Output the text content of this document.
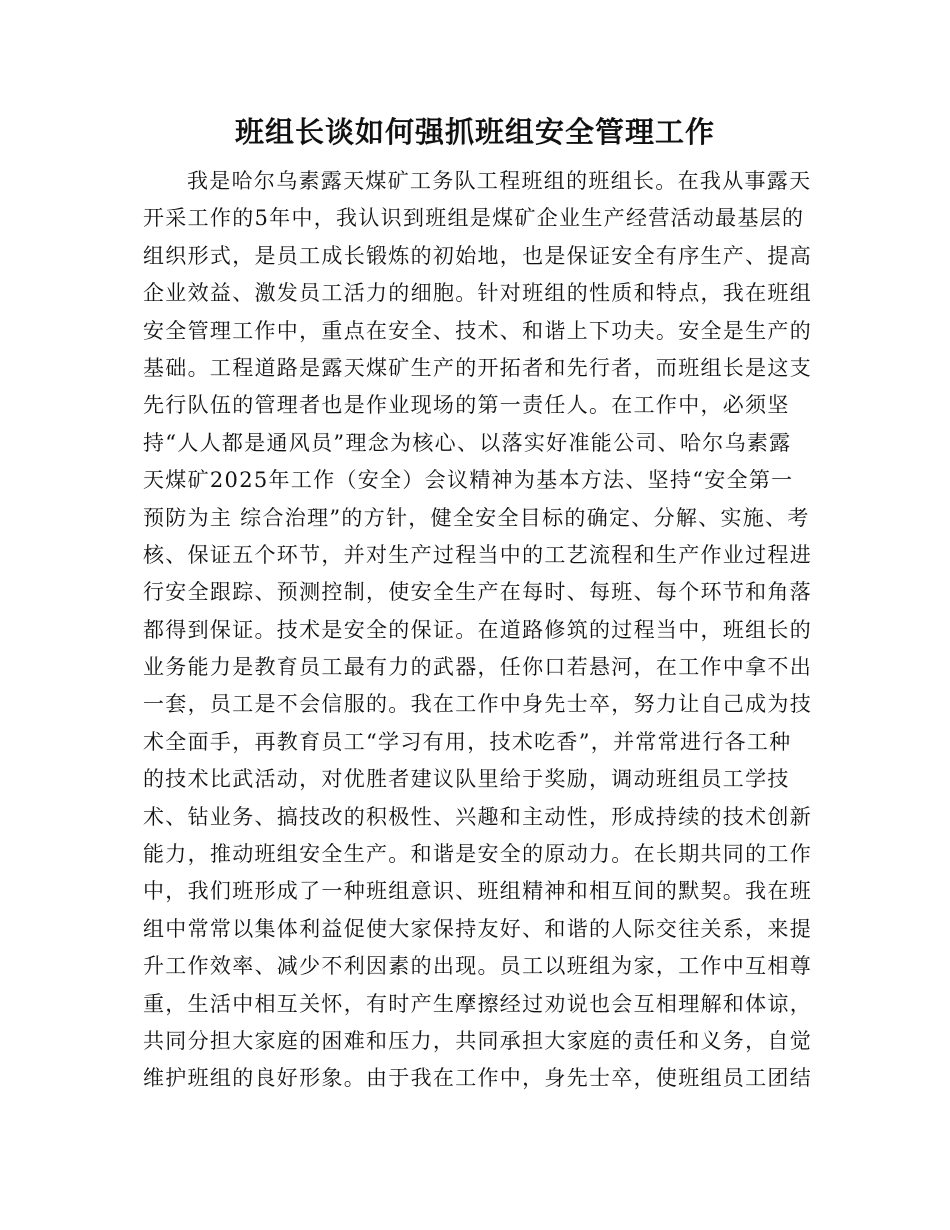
班组长谈如何强抓班组安全管理工作
我是哈尔乌素露天煤矿工务队工程班组的班组长。在我从事露天
开采工作的5年中，我认识到班组是煤矿企业生产经营活动最基层的
组织形式，是员工成长锻炼的初始地，也是保证安全有序生产、提高
企业效益、激发员工活力的细胞。针对班组的性质和特点，我在班组
安全管理工作中，重点在安全、技术、和谐上下功夫。安全是生产的
基础。工程道路是露天煤矿生产的开拓者和先行者，而班组长是这支
先行队伍的管理者也是作业现场的第一责任人。在工作中，必须坚
持“人人都是通风员”理念为核心、以落实好准能公司、哈尔乌素露
天煤矿2025年工作（安全）会议精神为基本方法、坚持“安全第一
预防为主 综合治理”的方针，健全安全目标的确定、分解、实施、考
核、保证五个环节，并对生产过程当中的工艺流程和生产作业过程进
行安全跟踪、预测控制，使安全生产在每时、每班、每个环节和角落
都得到保证。技术是安全的保证。在道路修筑的过程当中，班组长的
业务能力是教育员工最有力的武器，任你口若悬河，在工作中拿不出
一套，员工是不会信服的。我在工作中身先士卒，努力让自己成为技
术全面手，再教育员工“学习有用，技术吃香”，并常常进行各工种
的技术比武活动，对优胜者建议队里给于奖励，调动班组员工学技
术、钻业务、搞技改的积极性、兴趣和主动性，形成持续的技术创新
能力，推动班组安全生产。和谐是安全的原动力。在长期共同的工作
中，我们班形成了一种班组意识、班组精神和相互间的默契。我在班
组中常常以集体利益促使大家保持友好、和谐的人际交往关系，来提
升工作效率、减少不利因素的出现。员工以班组为家，工作中互相尊
重，生活中相互关怀，有时产生摩擦经过劝说也会互相理解和体谅，
共同分担大家庭的困难和压力，共同承担大家庭的责任和义务，自觉
维护班组的良好形象。由于我在工作中，身先士卒，使班组员工团结
